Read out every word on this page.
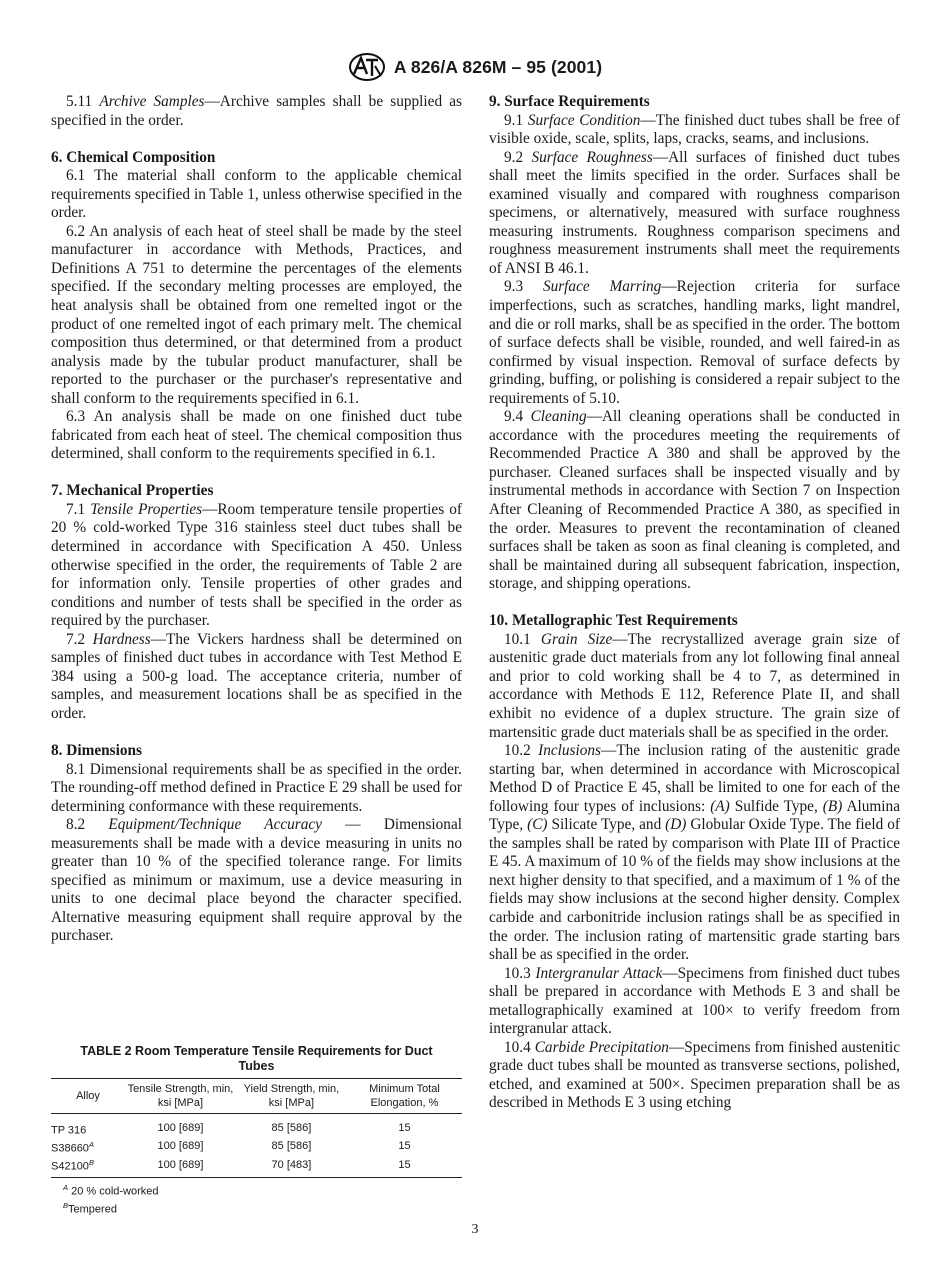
A 826/A 826M – 95 (2001)

5.11 Archive Samples—Archive samples shall be supplied as specified in the order.

6. Chemical Composition

6.1 The material shall conform to the applicable chemical requirements specified in Table 1, unless otherwise specified in the order.

6.2 An analysis of each heat of steel shall be made by the steel manufacturer in accordance with Methods, Practices, and Definitions A 751 to determine the percentages of the elements specified. If the secondary melting processes are employed, the heat analysis shall be obtained from one remelted ingot or the product of one remelted ingot of each primary melt. The chemical composition thus determined, or that determined from a product analysis made by the tubular product manufacturer, shall be reported to the purchaser or the purchaser's representative and shall conform to the requirements specified in 6.1.

6.3 An analysis shall be made on one finished duct tube fabricated from each heat of steel. The chemical composition thus determined, shall conform to the requirements specified in 6.1.

7. Mechanical Properties

7.1 Tensile Properties—Room temperature tensile properties of 20 % cold-worked Type 316 stainless steel duct tubes shall be determined in accordance with Specification A 450. Unless otherwise specified in the order, the requirements of Table 2 are for information only. Tensile properties of other grades and conditions and number of tests shall be specified in the order as required by the purchaser.

7.2 Hardness—The Vickers hardness shall be determined on samples of finished duct tubes in accordance with Test Method E 384 using a 500-g load. The acceptance criteria, number of samples, and measurement locations shall be as specified in the order.

8. Dimensions

8.1 Dimensional requirements shall be as specified in the order. The rounding-off method defined in Practice E 29 shall be used for determining conformance with these requirements.

8.2 Equipment/Technique Accuracy — Dimensional measurements shall be made with a device measuring in units no greater than 10 % of the specified tolerance range. For limits specified as minimum or maximum, use a device measuring in units to one decimal place beyond the character specified. Alternative measuring equipment shall require approval by the purchaser.

TABLE 2 Room Temperature Tensile Requirements for Duct Tubes
Alloy	Tensile Strength, min, ksi [MPa]	Yield Strength, min, ksi [MPa]	Minimum Total Elongation, %
TP 316	100 [689]	85 [586]	15
$S38660^A$	100 [689]	85 [586]	15
$S42100^B$	100 [689]	70 [483]	15
$^A$ 20 % cold-worked
$^B$Tempered
9. Surface Requirements

9.1 Surface Condition—The finished duct tubes shall be free of visible oxide, scale, splits, laps, cracks, seams, and inclusions.

9.2 Surface Roughness—All surfaces of finished duct tubes shall meet the limits specified in the order. Surfaces shall be examined visually and compared with roughness comparison specimens, or alternatively, measured with surface roughness measuring instruments. Roughness comparison specimens and roughness measurement instruments shall meet the requirements of ANSI B 46.1.

9.3 Surface Marring—Rejection criteria for surface imperfections, such as scratches, handling marks, light mandrel, and die or roll marks, shall be as specified in the order. The bottom of surface defects shall be visible, rounded, and well faired-in as confirmed by visual inspection. Removal of surface defects by grinding, buffing, or polishing is considered a repair subject to the requirements of 5.10.

9.4 Cleaning—All cleaning operations shall be conducted in accordance with the procedures meeting the requirements of Recommended Practice A 380 and shall be approved by the purchaser. Cleaned surfaces shall be inspected visually and by instrumental methods in accordance with Section 7 on Inspection After Cleaning of Recommended Practice A 380, as specified in the order. Measures to prevent the recontamination of cleaned surfaces shall be taken as soon as final cleaning is completed, and shall be maintained during all subsequent fabrication, inspection, storage, and shipping operations.

10. Metallographic Test Requirements

10.1 Grain Size—The recrystallized average grain size of austenitic grade duct materials from any lot following final anneal and prior to cold working shall be 4 to 7, as determined in accordance with Methods E 112, Reference Plate II, and shall exhibit no evidence of a duplex structure. The grain size of martensitic grade duct materials shall be as specified in the order.

10.2 Inclusions—The inclusion rating of the austenitic grade starting bar, when determined in accordance with Microscopical Method D of Practice E 45, shall be limited to one for each of the following four types of inclusions: (A) Sulfide Type, (B) Alumina Type, (C) Silicate Type, and (D) Globular Oxide Type. The field of the samples shall be rated by comparison with Plate III of Practice E 45. A maximum of 10 % of the fields may show inclusions at the next higher density to that specified, and a maximum of 1 % of the fields may show inclusions at the second higher density. Complex carbide and carbonitride inclusion ratings shall be as specified in the order. The inclusion rating of martensitic grade starting bars shall be as specified in the order.

10.3 Intergranular Attack—Specimens from finished duct tubes shall be prepared in accordance with Methods E 3 and shall be metallographically examined at 100× to verify freedom from intergranular attack.

10.4 Carbide Precipitation—Specimens from finished austenitic grade duct tubes shall be mounted as transverse sections, polished, etched, and examined at 500×. Specimen preparation shall be as described in Methods E 3 using etching

3
